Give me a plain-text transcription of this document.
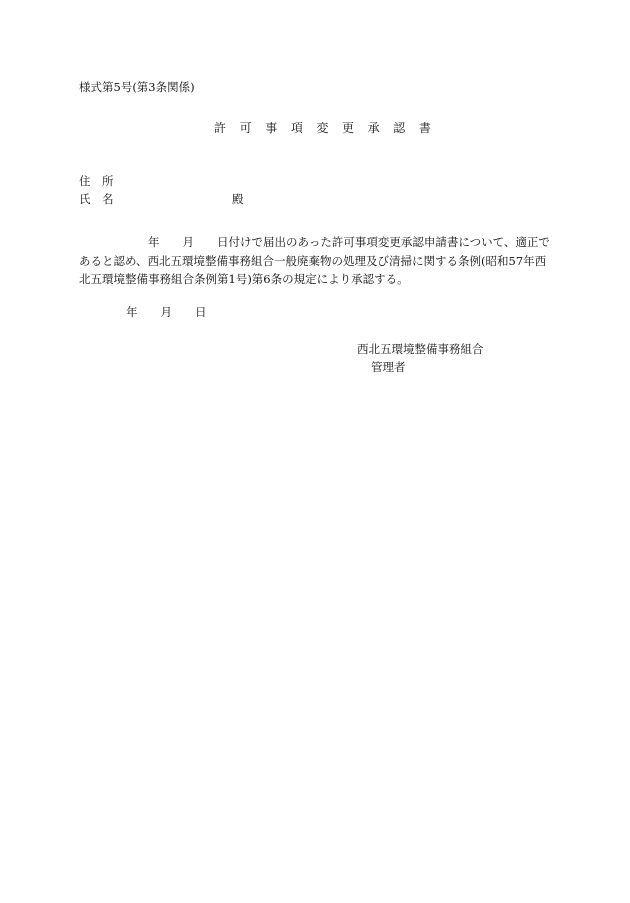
様式第5号(第3条関係)
許 可 事 項 変 更 承 認 書
住　所
氏　名	殿
　　　　　　年　　月　　日付けで届出のあった許可事項変更承認申請書について、適正で
あると認め、西北五環境整備事務組合一般廃棄物の処理及び清掃に関する条例(昭和57年西
北五環境整備事務組合条例第1号)第6条の規定により承認する。
年　　月　　日
西北五環境整備事務組合
管理者
